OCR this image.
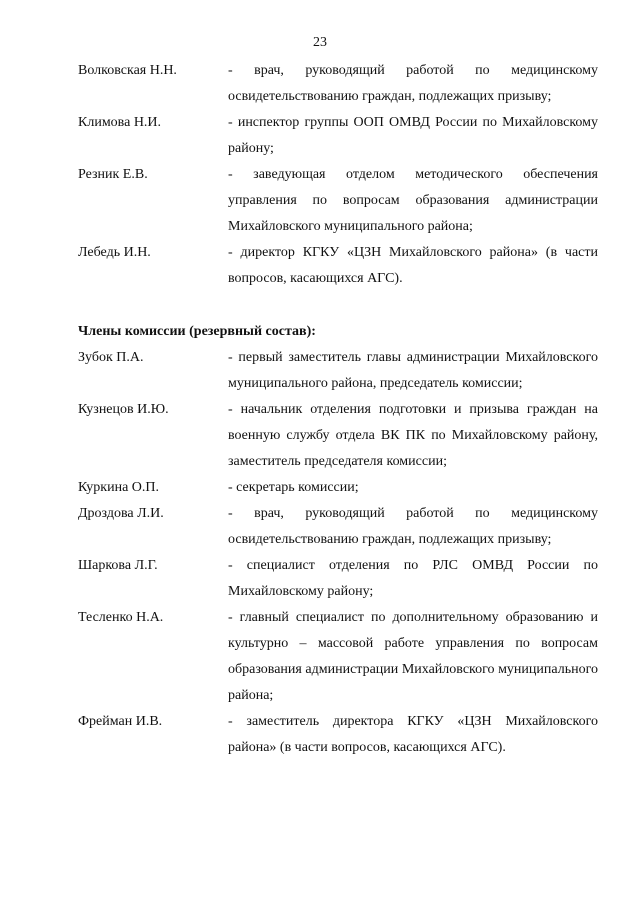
23
Волковская Н.Н.	- врач, руководящий работой по медицинскому освидетельствованию граждан, подлежащих призыву;
Климова Н.И.	- инспектор группы ООП ОМВД России по Михайловскому району;
Резник Е.В.	- заведующая отделом методического обеспечения управления по вопросам образования администрации Михайловского муниципального района;
Лебедь И.Н.	- директор КГКУ «ЦЗН Михайловского района» (в части вопросов, касающихся АГС).
Члены комиссии (резервный состав):
Зубок П.А.	- первый заместитель главы администрации Михайловского муниципального района, председатель комиссии;
Кузнецов И.Ю.	- начальник отделения подготовки и призыва граждан на военную службу отдела ВК ПК по Михайловскому району, заместитель председателя комиссии;
Куркина О.П.	- секретарь комиссии;
Дроздова Л.И.	- врач, руководящий работой по медицинскому освидетельствованию граждан, подлежащих призыву;
Шаркова Л.Г.	- специалист отделения по РЛС ОМВД России по Михайловскому району;
Тесленко Н.А.	- главный специалист по дополнительному образованию и культурно – массовой работе управления по вопросам образования администрации Михайловского муниципального района;
Фрейман И.В.	- заместитель директора КГКУ «ЦЗН Михайловского района» (в части вопросов, касающихся АГС).
